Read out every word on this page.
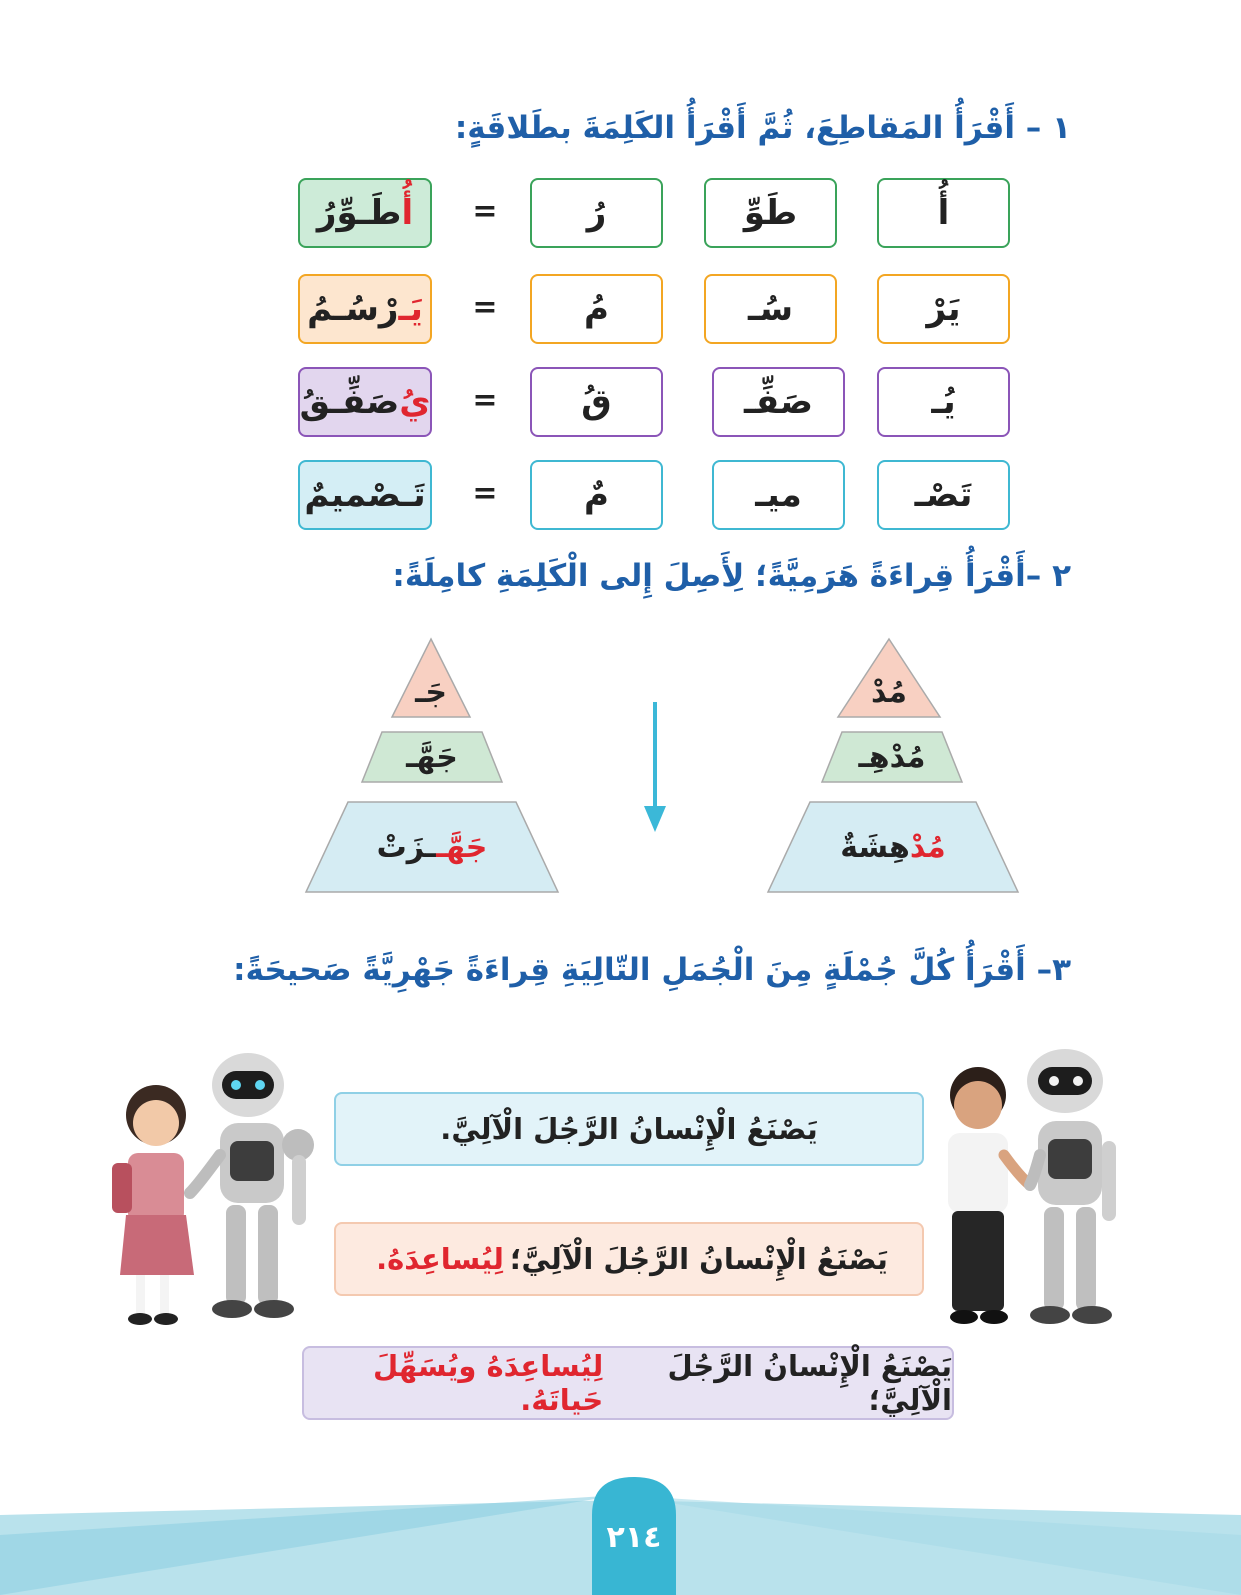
١ – أَقْرَأُ المَقاطِعَ، ثُمَّ أَقْرَأُ الكَلِمَةَ بطَلاقَةٍ:
أُ
طَوِّ
رُ
=
أُ
طَـوِّرُ
يَرْ
سُـ
مُ
=
يَـ
رْسُـمُ
يُـ
صَفِّـ
قُ
=
يُ
صَفِّـقُ
تَصْـ
ميـ
مٌ
=
تَـصْميمٌ
٢ –أَقْرَأُ قِراءَةً هَرَمِيَّةً؛ لِأَصِلَ إِلى الْكَلِمَةِ كامِلَةً:
مُدْ
مُدْهِـ
مُدْهِشَةٌ
جَـ
جَهَّـ
جَهَّــزَتْ
٣– أَقْرَأُ كُلَّ جُمْلَةٍ مِنَ الْجُمَلِ التّالِيَةِ قِراءَةً جَهْرِيَّةً صَحيحَةً:
يَصْنَعُ الْإِنْسانُ الرَّجُلَ الْآلِيَّ.
يَصْنَعُ الْإِنْسانُ الرَّجُلَ الْآلِيَّ؛
لِيُساعِدَهُ.
يَصْنَعُ الْإِنْسانُ الرَّجُلَ الْآلِيَّ؛
لِيُساعِدَهُ ويُسَهِّلَ حَياتَهُ.
٢١٤
